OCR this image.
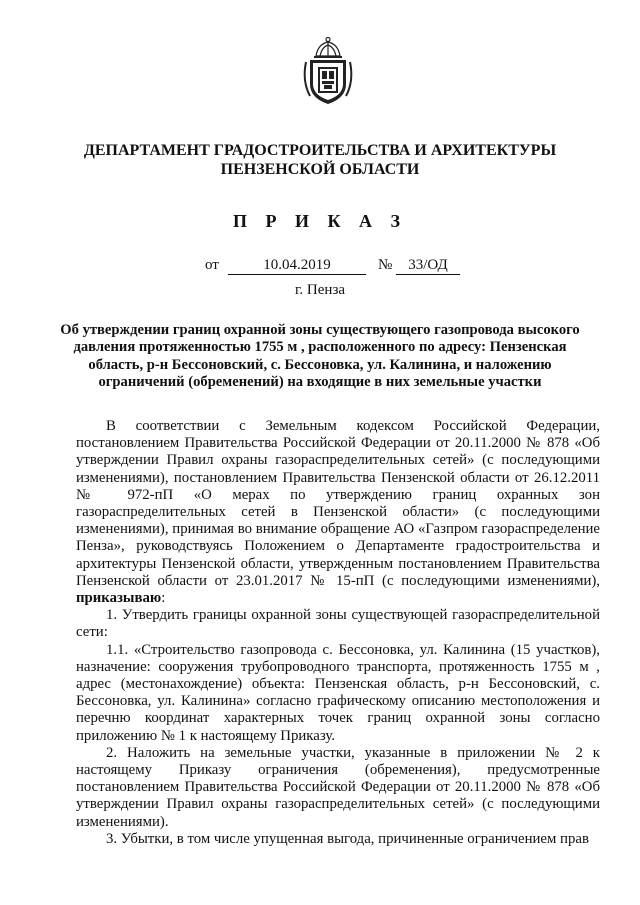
ДЕПАРТАМЕНТ ГРАДОСТРОИТЕЛЬСТВА И АРХИТЕКТУРЫ
ПЕНЗЕНСКОЙ ОБЛАСТИ
П Р И К А З
от	10.04.2019	№	33/ОД
г. Пенза
Об утверждении границ охранной зоны существующего газопровода высокого давления протяженностью 1755 м , расположенного по адресу: Пензенская область, р-н Бессоновский, с. Бессоновка, ул. Калинина, и наложению ограничений (обременений) на входящие в них земельные участки

В соответствии с Земельным кодексом Российской Федерации, постановлением Правительства Российской Федерации от 20.11.2000 № 878 «Об утверждении Правил охраны газораспределительных сетей» (с последующими изменениями), постановлением Правительства Пензенской области от 26.12.2011 № 972-пП «О мерах по утверждению границ охранных зон газораспределительных сетей в Пензенской области» (с последующими изменениями), принимая во внимание обращение АО «Газпром газораспределение Пенза», руководствуясь Положением о Департаменте градостроительства и архитектуры Пензенской области, утвержденным постановлением Правительства Пензенской области от 23.01.2017 № 15-пП (с последующими изменениями), приказываю:

1. Утвердить границы охранной зоны существующей газораспределительной сети:

1.1. «Строительство газопровода с. Бессоновка, ул. Калинина (15 участков), назначение: сооружения трубопроводного транспорта, протяженность 1755 м , адрес (местонахождение) объекта: Пензенская область, р-н Бессоновский, с. Бессоновка, ул. Калинина» согласно графическому описанию местоположения и перечню координат характерных точек границ охранной зоны согласно приложению № 1 к настоящему Приказу.

2. Наложить на земельные участки, указанные в приложении № 2 к настоящему Приказу ограничения (обременения), предусмотренные постановлением Правительства Российской Федерации от 20.11.2000 № 878 «Об утверждении Правил охраны газораспределительных сетей» (с последующими изменениями).

3. Убытки, в том числе упущенная выгода, причиненные ограничением прав
